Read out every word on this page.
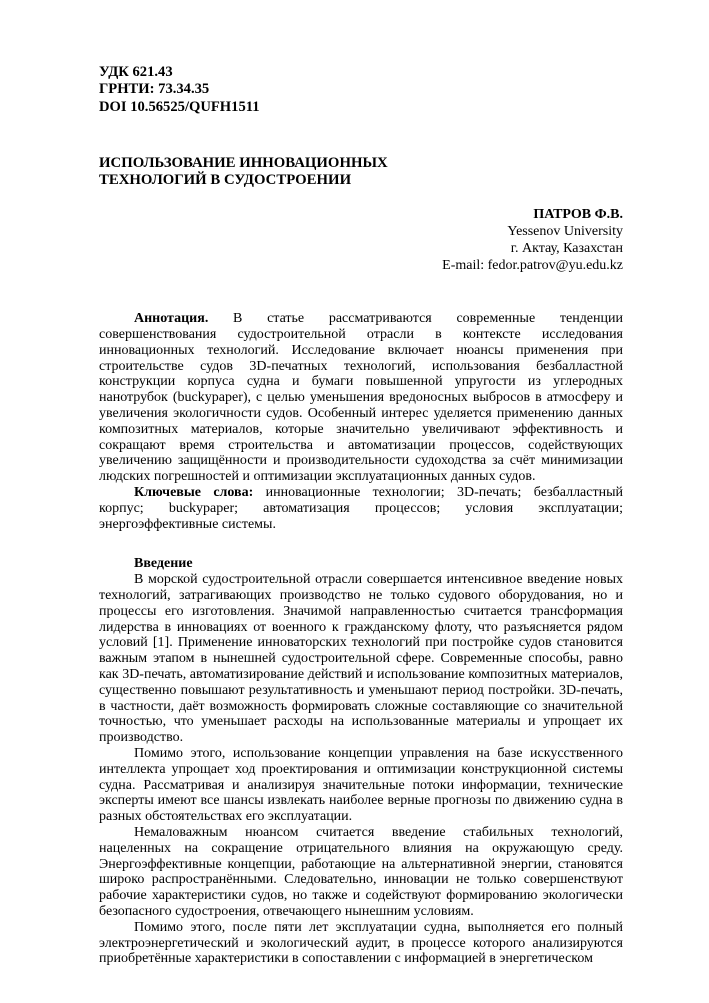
УДК 621.43
ГРНТИ: 73.34.35
DOI 10.56525/QUFH1511
ИСПОЛЬЗОВАНИЕ ИННОВАЦИОННЫХ
ТЕХНОЛОГИЙ В СУДОСТРОЕНИИ
ПАТРОВ Ф.В.
Yessenov University
г. Актау, Казахстан
E-mail: fedor.patrov@yu.edu.kz

Аннотация. В статье рассматриваются современные тенденции совершенствования судостроительной отрасли в контексте исследования инновационных технологий. Исследование включает нюансы применения при строительстве судов 3D-печатных технологий, использования безбалластной конструкции корпуса судна и бумаги повышенной упругости из углеродных нанотрубок (buckypaper), с целью уменьшения вредоносных выбросов в атмосферу и увеличения экологичности судов. Особенный интерес уделяется применению данных композитных материалов, которые значительно увеличивают эффективность и сокращают время строительства и автоматизации процессов, содействующих увеличению защищённости и производительности судоходства за счёт минимизации людских погрешностей и оптимизации эксплуатационных данных судов.

Ключевые слова: инновационные технологии; 3D-печать; безбалластный корпус; buckypaper; автоматизация процессов; условия эксплуатации; энергоэффективные системы.

Введение

В морской судостроительной отрасли совершается интенсивное введение новых технологий, затрагивающих производство не только судового оборудования, но и процессы его изготовления. Значимой направленностью считается трансформация лидерства в инновациях от военного к гражданскому флоту, что разъясняется рядом условий [1]. Применение инноваторских технологий при постройке судов становится важным этапом в нынешней судостроительной сфере. Современные способы, равно как 3D-печать, автоматизирование действий и использование композитных материалов, существенно повышают результативность и уменьшают период постройки. 3D-печать, в частности, даёт возможность формировать сложные составляющие со значительной точностью, что уменьшает расходы на использованные материалы и упрощает их производство.

Помимо этого, использование концепции управления на базе искусственного интеллекта упрощает ход проектирования и оптимизации конструкционной системы судна. Рассматривая и анализируя значительные потоки информации, технические эксперты имеют все шансы извлекать наиболее верные прогнозы по движению судна в разных обстоятельствах его эксплуатации.

Немаловажным нюансом считается введение стабильных технологий, нацеленных на сокращение отрицательного влияния на окружающую среду. Энергоэффективные концепции, работающие на альтернативной энергии, становятся широко распространёнными. Следовательно, инновации не только совершенствуют рабочие характеристики судов, но также и содействуют формированию экологически безопасного судостроения, отвечающего нынешним условиям.

Помимо этого, после пяти лет эксплуатации судна, выполняется его полный электроэнергетический и экологический аудит, в процессе которого анализируются приобретённые характеристики в сопоставлении с информацией в энергетическом
